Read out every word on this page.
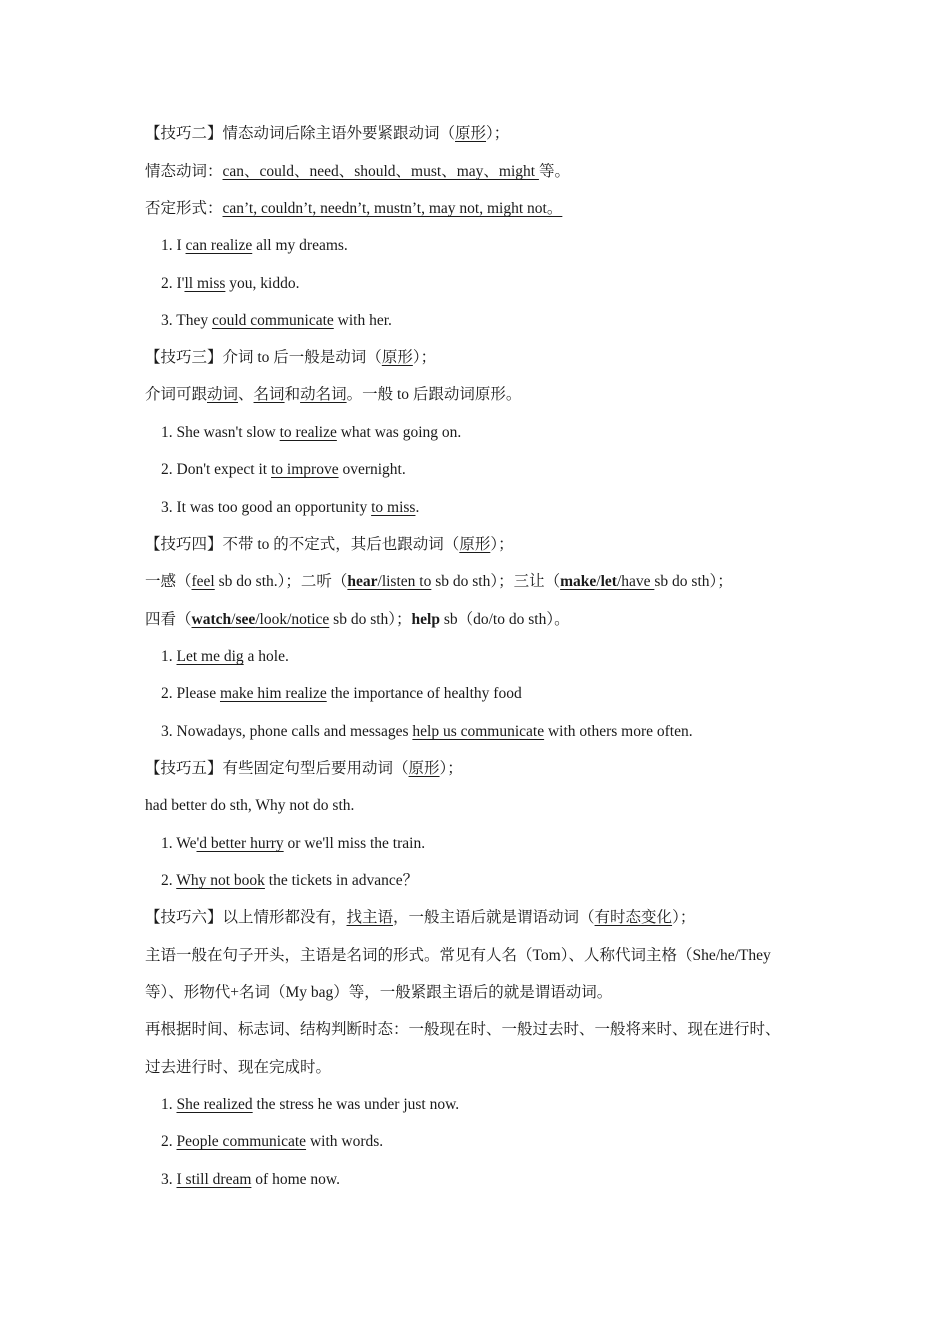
【技巧二】情态动词后除主语外要紧跟动词（原形）；
情态动词：can、could、need、should、must、may、might 等。
否定形式：can’t, couldn’t, needn’t, mustn’t, may not, might not。
1. I can realize all my dreams.
2. I'll miss you, kiddo.
3. They could communicate with her.
【技巧三】介词 to 后一般是动词（原形）；
介词可跟动词、名词和动名词。一般 to 后跟动词原形。
1. She wasn't slow to realize what was going on.
2. Don't expect it to improve overnight.
3. It was too good an opportunity to miss.
【技巧四】不带 to 的不定式，其后也跟动词（原形）；
一感（feel sb do sth.）；二听（hear/listen to sb do sth）；三让（make/let/have sb do sth）；
四看（watch/see/look/notice sb do sth）；help sb（do/to do sth）。
1. Let me dig a hole.
2. Please make him realize the importance of healthy food
3. Nowadays, phone calls and messages help us communicate with others more often.
【技巧五】有些固定句型后要用动词（原形）；
had better do sth, Why not do sth.
1. We'd better hurry or we'll miss the train.
2. Why not book the tickets in advance？
【技巧六】以上情形都没有，找主语，一般主语后就是谓语动词（有时态变化）；
主语一般在句子开头，主语是名词的形式。常见有人名（Tom）、人称代词主格（She/he/They
等）、形物代+名词（My bag）等，一般紧跟主语后的就是谓语动词。
再根据时间、标志词、结构判断时态：一般现在时、一般过去时、一般将来时、现在进行时、
过去进行时、现在完成时。
1. She realized the stress he was under just now.
2. People communicate with words.
3. I still dream of home now.
